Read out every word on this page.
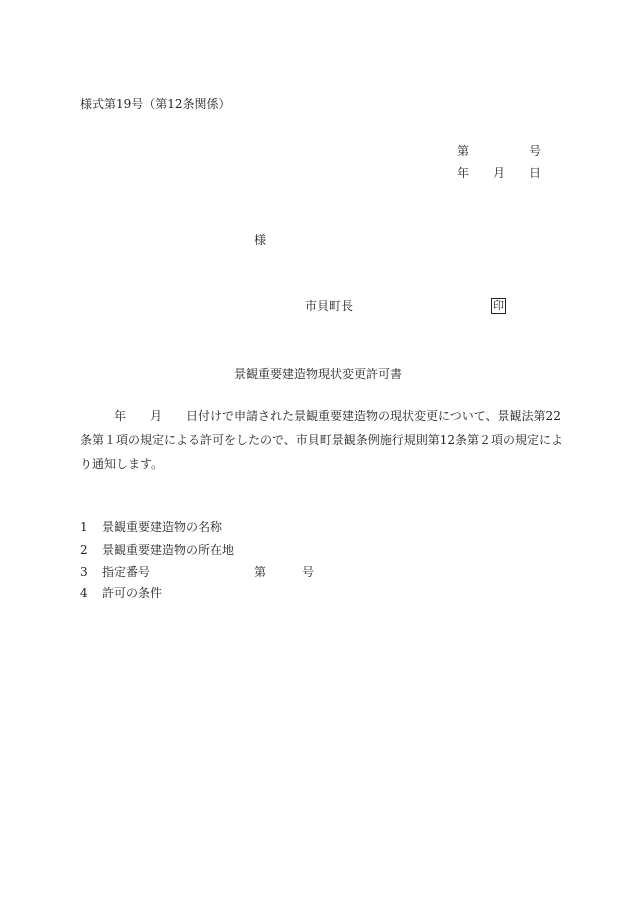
様式第19号（第12条関係）
第	号
年 月 日
様
市貝町長	印
景観重要建造物現状変更許可書
年 月 日付けで申請された景観重要建造物の現状変更について、景観法第22
条第１項の規定による許可をしたので、市貝町景観条例施行規則第12条第２項の規定によ
り通知します。
1 景観重要建造物の名称
2 景観重要建造物の所在地
3 指定番号	第	号
4 許可の条件
